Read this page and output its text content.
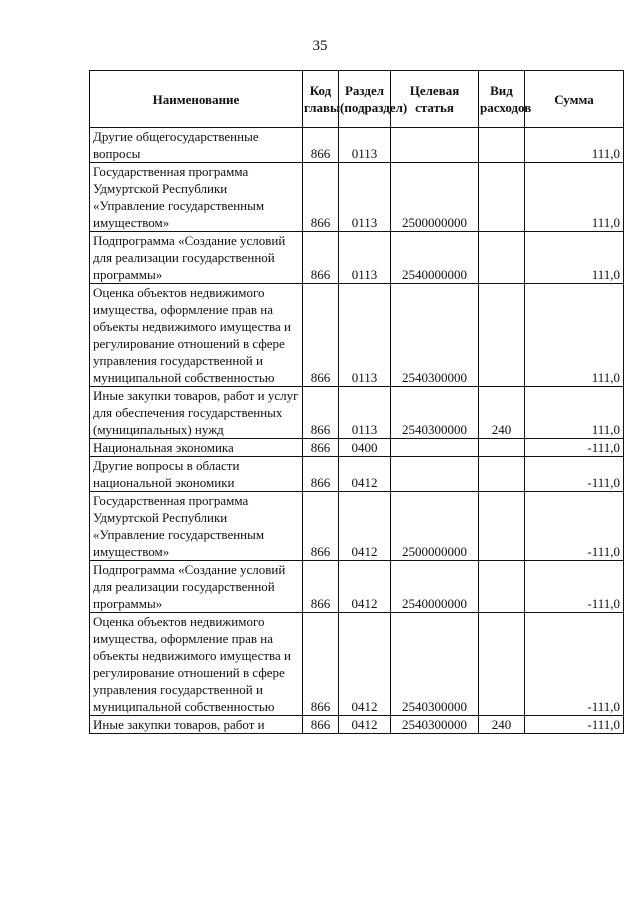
35
Наименование	Код главы	Раздел (подраздел)	Целевая статья	Вид расходов	Сумма
Другие общегосударственные вопросы	866	0113			111,0
Государственная программа Удмуртской Республики «Управление государственным имуществом»	866	0113	2500000000		111,0
Подпрограмма «Создание условий для реализации государственной программы»	866	0113	2540000000		111,0
Оценка объектов недвижимого имущества, оформление прав на объекты недвижимого имущества и регулирование отношений в сфере управления государственной и муниципальной собственностью	866	0113	2540300000		111,0
Иные закупки товаров, работ и услуг для обеспечения государственных (муниципальных) нужд	866	0113	2540300000	240	111,0
Национальная экономика	866	0400			-111,0
Другие вопросы в области национальной экономики	866	0412			-111,0
Государственная программа Удмуртской Республики «Управление государственным имуществом»	866	0412	2500000000		-111,0
Подпрограмма «Создание условий для реализации государственной программы»	866	0412	2540000000		-111,0
Оценка объектов недвижимого имущества, оформление прав на объекты недвижимого имущества и регулирование отношений в сфере управления государственной и муниципальной собственностью	866	0412	2540300000		-111,0
Иные закупки товаров, работ и	866	0412	2540300000	240	-111,0
